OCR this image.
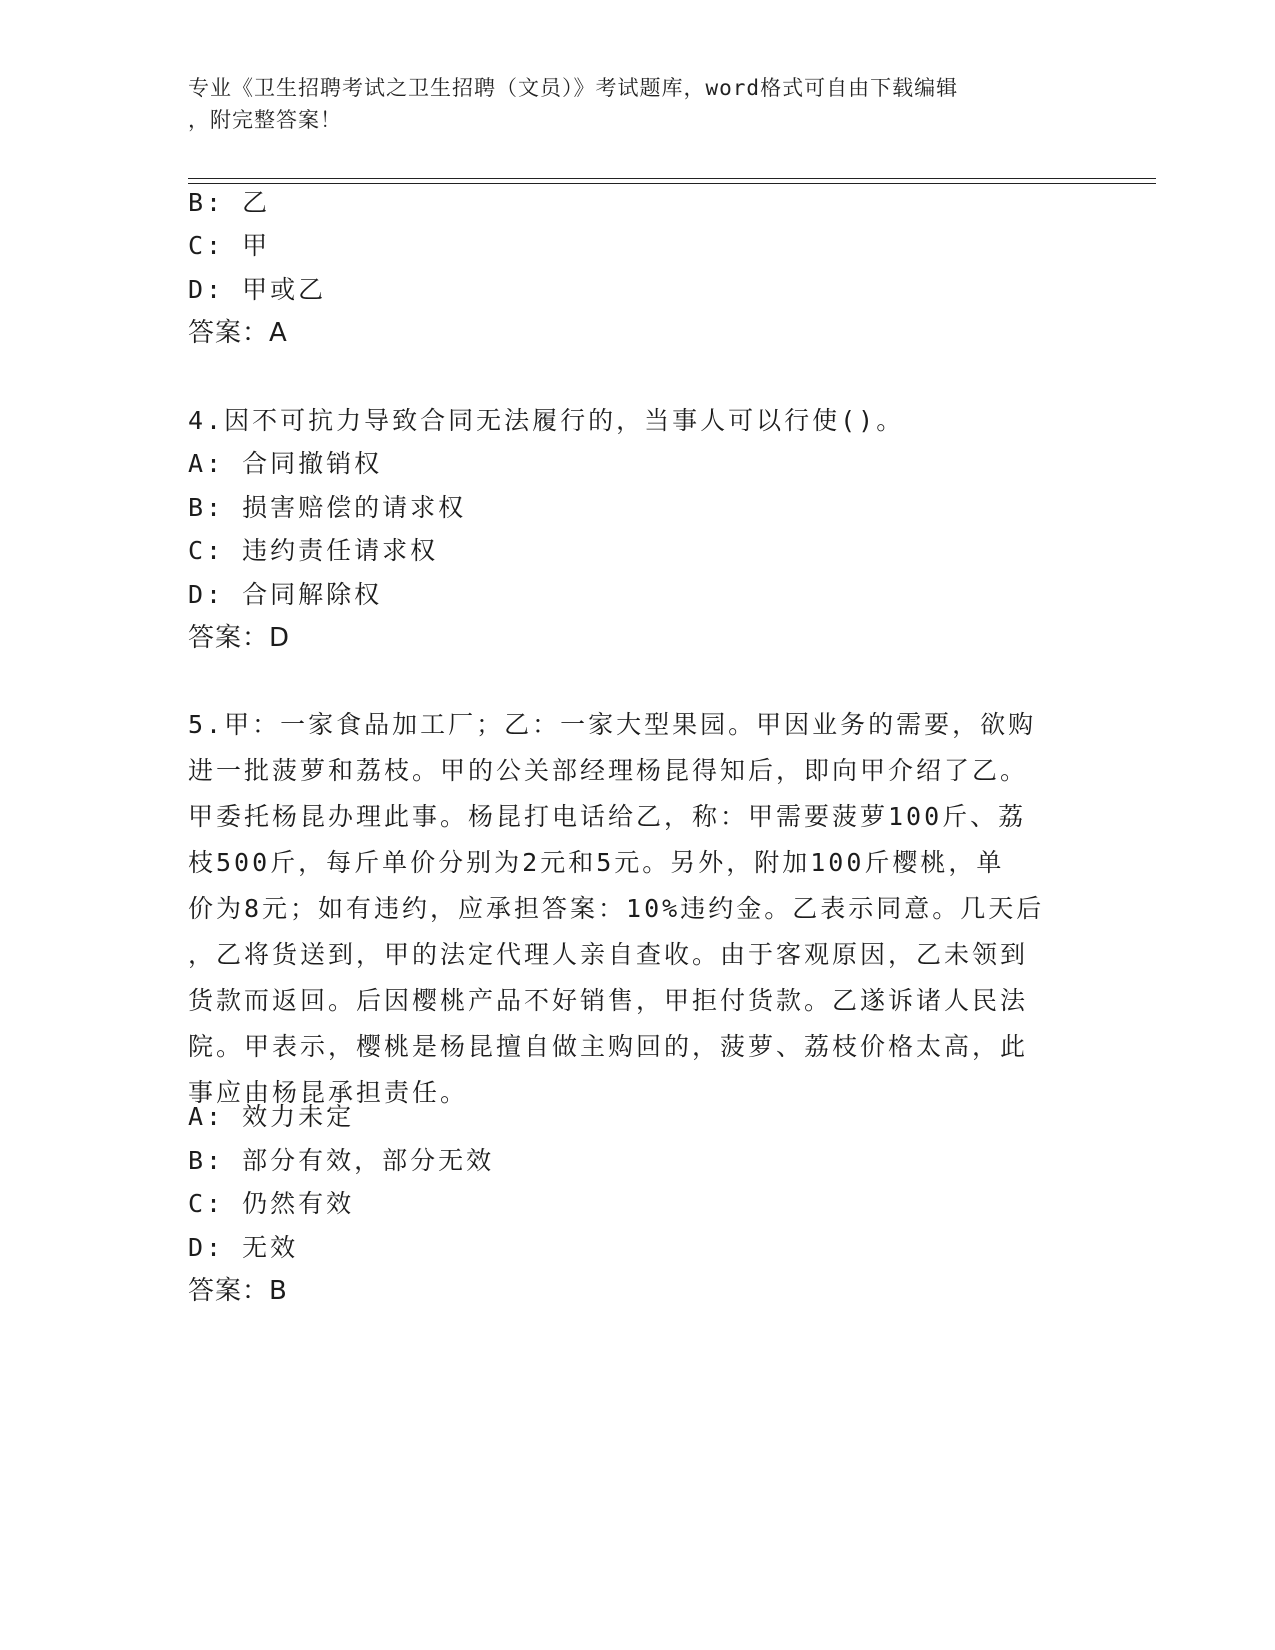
专业《卫生招聘考试之卫生招聘（文员）》考试题库，word格式可自由下载编辑
，附完整答案！
B: 乙
C: 甲
D: 甲或乙
答案：A
4.因不可抗力导致合同无法履行的，当事人可以行使()。
A: 合同撤销权
B: 损害赔偿的请求权
C: 违约责任请求权
D: 合同解除权
答案：D
5.甲：一家食品加工厂；乙：一家大型果园。甲因业务的需要，欲购
进一批菠萝和荔枝。甲的公关部经理杨昆得知后，即向甲介绍了乙。
甲委托杨昆办理此事。杨昆打电话给乙，称：甲需要菠萝100斤、荔
枝500斤，每斤单价分别为2元和5元。另外，附加100斤樱桃，单
价为8元；如有违约，应承担答案：10%违约金。乙表示同意。几天后
，乙将货送到，甲的法定代理人亲自查收。由于客观原因，乙未领到
货款而返回。后因樱桃产品不好销售，甲拒付货款。乙遂诉诸人民法
院。甲表示，樱桃是杨昆擅自做主购回的，菠萝、荔枝价格太高，此
事应由杨昆承担责任。
A: 效力未定
B: 部分有效，部分无效
C: 仍然有效
D: 无效
答案：B
